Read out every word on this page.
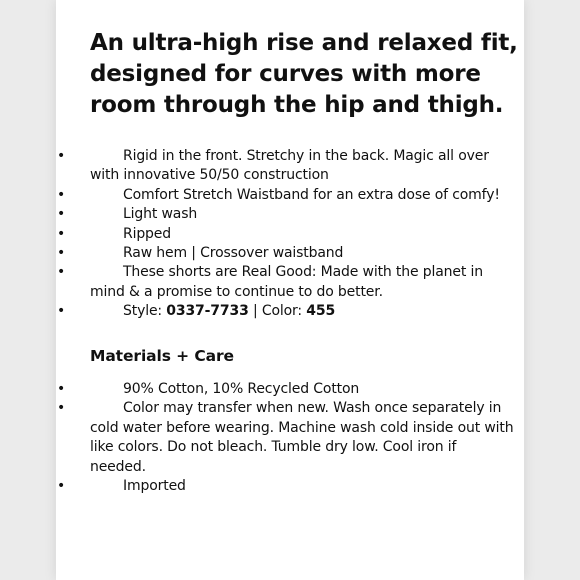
An ultra-high rise and relaxed fit, designed for curves with more room through the hip and thigh.
•	Rigid in the front. Stretchy in the back. Magic all over with innovative 50/50 construction
•	Comfort Stretch Waistband for an extra dose of comfy!
•	Light wash
•	Ripped
•	Raw hem | Crossover waistband
•	These shorts are Real Good: Made with the planet in mind & a promise to continue to do better.
•	Style: 0337-7733 | Color: 455
Materials + Care
•	90% Cotton, 10% Recycled Cotton
•	Color may transfer when new. Wash once separately in cold water before wearing. Machine wash cold inside out with like colors. Do not bleach. Tumble dry low. Cool iron if needed.
•	Imported
